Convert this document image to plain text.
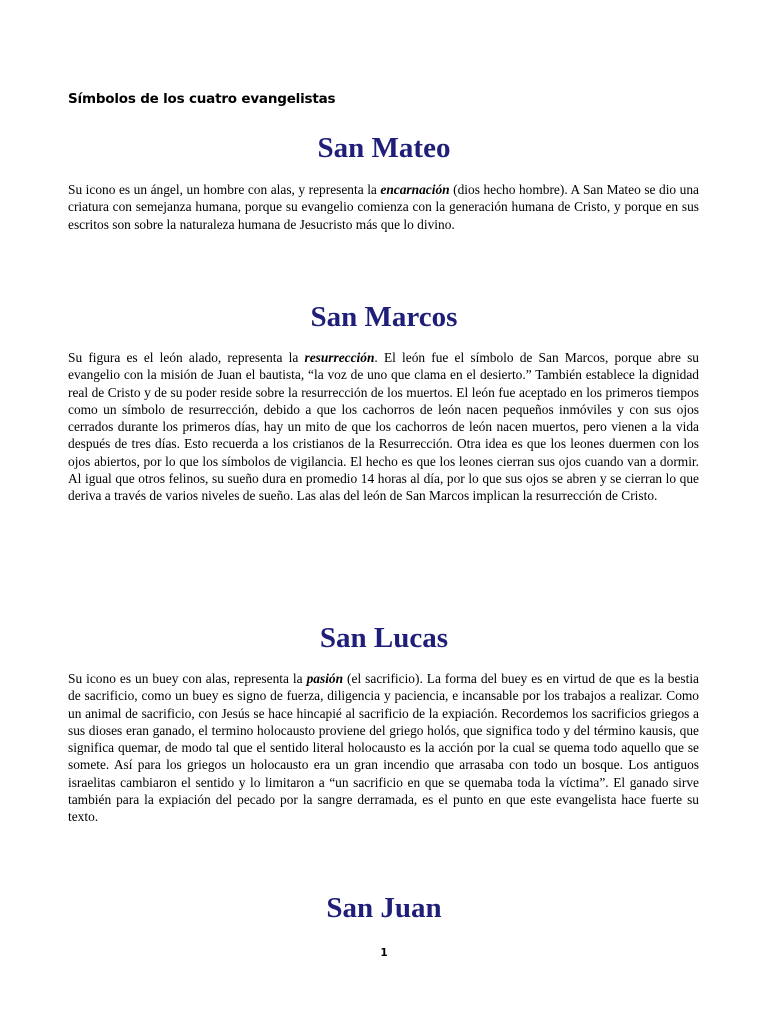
Símbolos de los cuatro evangelistas
San Mateo

Su icono es un ángel, un hombre con alas, y representa la encarnación (dios hecho hombre). A San Mateo se dio una criatura con semejanza humana, porque su evangelio comienza con la generación humana de Cristo, y porque en sus escritos son sobre la naturaleza humana de Jesucristo más que lo divino.

San Marcos

Su figura es el león alado, representa la resurrección. El león fue el símbolo de San Marcos, porque abre su evangelio con la misión de Juan el bautista, “la voz de uno que clama en el desierto.” También establece la dignidad real de Cristo y de su poder reside sobre la resurrección de los muertos. El león fue aceptado en los primeros tiempos como un símbolo de resurrección, debido a que los cachorros de león nacen pequeños inmóviles y con sus ojos cerrados durante los primeros días, hay un mito de que los cachorros de león nacen muertos, pero vienen a la vida después de tres días. Esto recuerda a los cristianos de la Resurrección. Otra idea es que los leones duermen con los ojos abiertos, por lo que los símbolos de vigilancia. El hecho es que los leones cierran sus ojos cuando van a dormir. Al igual que otros felinos, su sueño dura en promedio 14 horas al día, por lo que sus ojos se abren y se cierran lo que deriva a través de varios niveles de sueño. Las alas del león de San Marcos implican la resurrección de Cristo.

San Lucas

Su icono es un buey con alas, representa la pasión (el sacrificio). La forma del buey es en virtud de que es la bestia de sacrificio, como un buey es signo de fuerza, diligencia y paciencia, e incansable por los trabajos a realizar. Como un animal de sacrificio, con Jesús se hace hincapié al sacrificio de la expiación. Recordemos los sacrificios griegos a sus dioses eran ganado, el termino holocausto proviene del griego holós, que significa todo y del término kausis, que significa quemar, de modo tal que el sentido literal holocausto es la acción por la cual se quema todo aquello que se somete. Así para los griegos un holocausto era un gran incendio que arrasaba con todo un bosque. Los antiguos israelitas cambiaron el sentido y lo limitaron a “un sacrificio en que se quemaba toda la víctima”. El ganado sirve también para la expiación del pecado por la sangre derramada, es el punto en que este evangelista hace fuerte su texto.

San Juan
1
